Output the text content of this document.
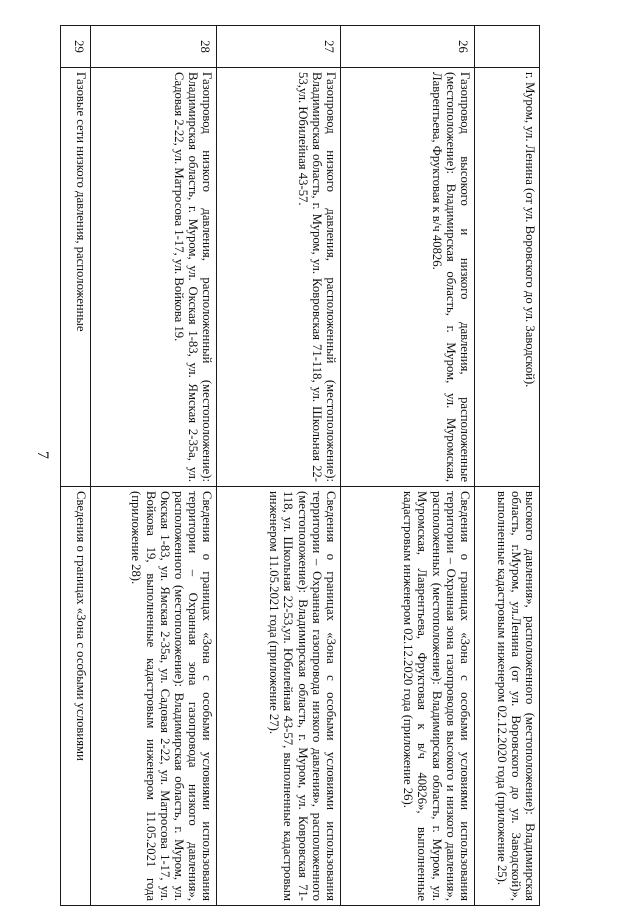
7
	г. Муром, ул. Ленина (от ул. Воровского до ул. Заводской).	высокого давления», расположенного (местоположение): Владимирская область, г.Муром, ул.Ленина (от ул. Воровского до ул. Заводской)», выполненные кадастровым инженером 02.12.2020 года (приложение 25).
26	Газопровод высокого и низкого давления, расположенные (местоположение): Владимирская область, г. Муром, ул. Муромская, Лаврентьева, Фруктовая к в/ч 40826.	Сведения о границах «Зона с особыми условиями использования территории – Охранная зона газопроводов высокого и низкого давления», расположенных (местоположение): Владимирская область, г. Муром, ул. Муромская, Лаврентьева, Фруктовая к в/ч 40826», выполненные кадастровым инженером 02.12.2020 года (приложение 26).
27	Газопровод низкого давления, расположенный (местоположение): Владимирская область, г. Муром, ул. Ковровская 71-118, ул. Школьная 22-53,ул. Юбилейная 43-57.	Сведения о границах «Зона с особыми условиями использования территории – Охранная газопровода низкого давления», расположенного (местоположение): Владимирская область, г. Муром, ул. Ковровская 71-118, ул. Школьная 22-53,ул. Юбилейная 43-57, выполненные кадастровым инженером 11.05.2021 года (приложение 27).
28	Газопровод низкого давления, расположенный (местоположение): Владимирская область, г. Муром, ул. Окская 1-83, ул. Ямская 2-35а, ул. Садовая 2-22, ул. Матросова 1-17, ул. Войкова 19.	Сведения о границах «Зона с особыми условиями использования территории – Охранная зона газопровода низкого давления», расположенного (местоположение): Владимирская область, г. Муром, ул. Окская 1-83, ул. Ямская 2-35а, ул. Садовая 2-22, ул. Матросова 1-17, ул. Войкова 19, выполненные кадастровым инженером 11.05.2021 года (приложение 28).
29	Газовые сети низкого давления, расположенные	Сведения о границах «Зона с особыми условиями
